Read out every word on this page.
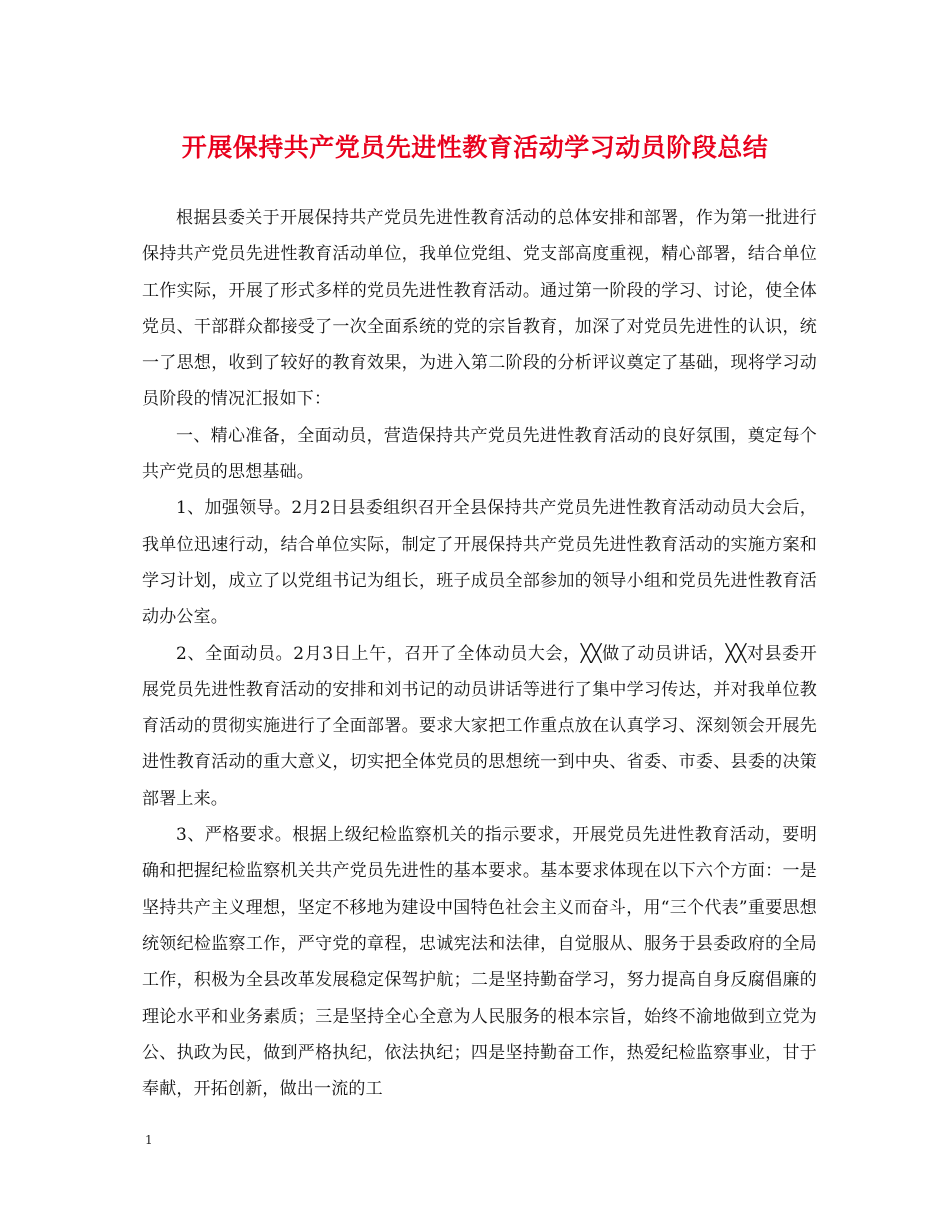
开展保持共产党员先进性教育活动学习动员阶段总结

根据县委关于开展保持共产党员先进性教育活动的总体安排和部署，作为第一批进行保持共产党员先进性教育活动单位，我单位党组、党支部高度重视，精心部署，结合单位工作实际，开展了形式多样的党员先进性教育活动。通过第一阶段的学习、讨论，使全体党员、干部群众都接受了一次全面系统的党的宗旨教育，加深了对党员先进性的认识，统一了思想，收到了较好的教育效果，为进入第二阶段的分析评议奠定了基础，现将学习动员阶段的情况汇报如下：

一、精心准备，全面动员，营造保持共产党员先进性教育活动的良好氛围，奠定每个共产党员的思想基础。

1、加强领导。2月2日县委组织召开全县保持共产党员先进性教育活动动员大会后，我单位迅速行动，结合单位实际，制定了开展保持共产党员先进性教育活动的实施方案和学习计划，成立了以党组书记为组长，班子成员全部参加的领导小组和党员先进性教育活动办公室。

2、全面动员。2月3日上午，召开了全体动员大会，╳╳做了动员讲话，╳╳对县委开展党员先进性教育活动的安排和刘书记的动员讲话等进行了集中学习传达，并对我单位教育活动的贯彻实施进行了全面部署。要求大家把工作重点放在认真学习、深刻领会开展先进性教育活动的重大意义，切实把全体党员的思想统一到中央、省委、市委、县委的决策部署上来。

3、严格要求。根据上级纪检监察机关的指示要求，开展党员先进性教育活动，要明确和把握纪检监察机关共产党员先进性的基本要求。基本要求体现在以下六个方面：一是坚持共产主义理想，坚定不移地为建设中国特色社会主义而奋斗，用“三个代表”重要思想统领纪检监察工作，严守党的章程，忠诚宪法和法律，自觉服从、服务于县委政府的全局工作，积极为全县改革发展稳定保驾护航；二是坚持勤奋学习，努力提高自身反腐倡廉的理论水平和业务素质；三是坚持全心全意为人民服务的根本宗旨，始终不渝地做到立党为公、执政为民，做到严格执纪，依法执纪；四是坚持勤奋工作，热爱纪检监察事业，甘于奉献，开拓创新，做出一流的工

1
